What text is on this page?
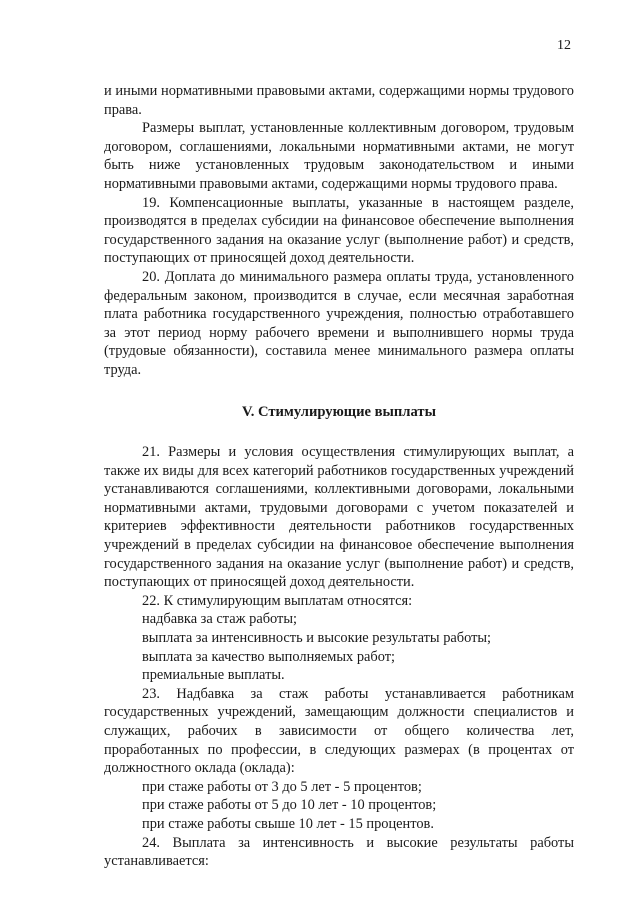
12

и иными нормативными правовыми актами, содержащими нормы трудового права.

Размеры выплат, установленные коллективным договором, трудовым договором, соглашениями, локальными нормативными актами, не могут быть ниже установленных трудовым законодательством и иными нормативными правовыми актами, содержащими нормы трудового права.

19. Компенсационные выплаты, указанные в настоящем разделе, производятся в пределах субсидии на финансовое обеспечение выполнения государственного задания на оказание услуг (выполнение работ) и средств, поступающих от приносящей доход деятельности.

20. Доплата до минимального размера оплаты труда, установленного федеральным законом, производится в случае, если месячная заработная плата работника государственного учреждения, полностью отработавшего за этот период норму рабочего времени и выполнившего нормы труда (трудовые обязанности), составила менее минимального размера оплаты труда.

V. Стимулирующие выплаты

21. Размеры и условия осуществления стимулирующих выплат, а также их виды для всех категорий работников государственных учреждений устанавливаются соглашениями, коллективными договорами, локальными нормативными актами, трудовыми договорами с учетом показателей и критериев эффективности деятельности работников государственных учреждений в пределах субсидии на финансовое обеспечение выполнения государственного задания на оказание услуг (выполнение работ) и средств, поступающих от приносящей доход деятельности.

22. К стимулирующим выплатам относятся:

надбавка за стаж работы;

выплата за интенсивность и высокие результаты работы;

выплата за качество выполняемых работ;

премиальные выплаты.

23. Надбавка за стаж работы устанавливается работникам государственных учреждений, замещающим должности специалистов и служащих, рабочих в зависимости от общего количества лет, проработанных по профессии, в следующих размерах (в процентах от должностного оклада (оклада):

при стаже работы от 3 до 5 лет - 5 процентов;

при стаже работы от 5 до 10 лет - 10 процентов;

при стаже работы свыше 10 лет - 15 процентов.

24. Выплата за интенсивность и высокие результаты работы устанавливается:
